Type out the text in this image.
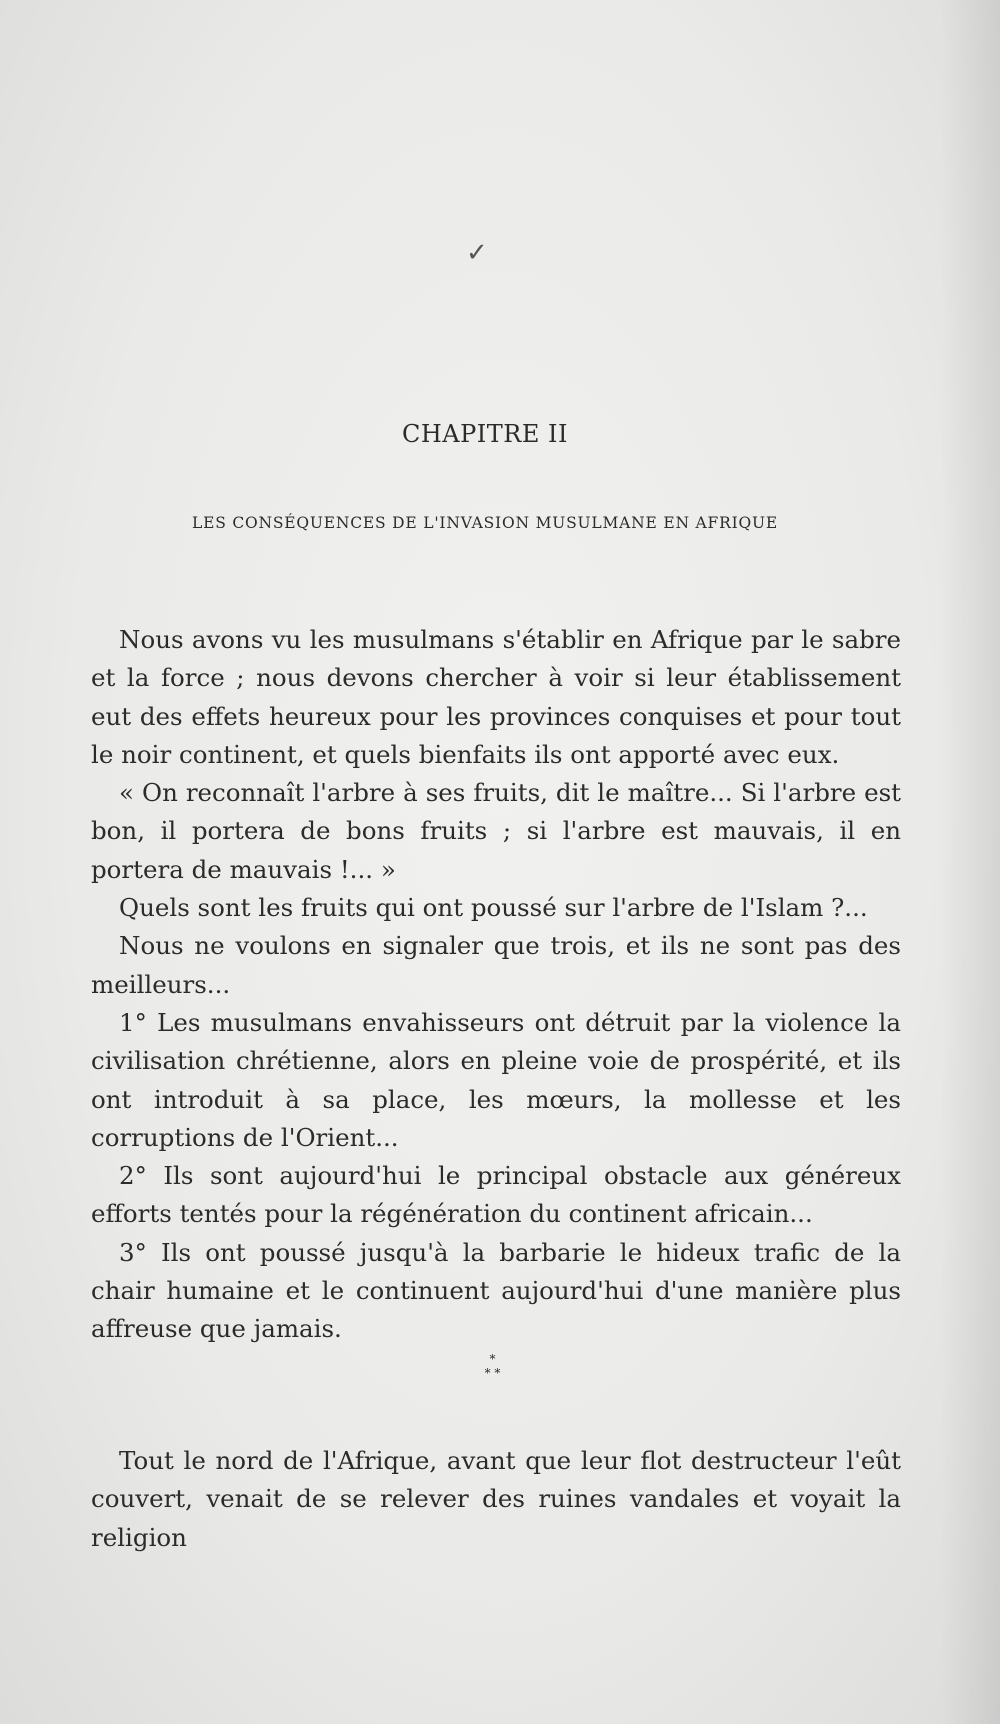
✓
CHAPITRE II
LES CONSÉQUENCES DE L'INVASION MUSULMANE EN AFRIQUE

Nous avons vu les musulmans s'établir en Afrique par le sabre et la force ; nous devons chercher à voir si leur établissement eut des effets heureux pour les provinces conquises et pour tout le noir continent, et quels bienfaits ils ont apporté avec eux.

« On reconnaît l'arbre à ses fruits, dit le maître... Si l'arbre est bon, il portera de bons fruits ; si l'arbre est mauvais, il en portera de mauvais !... »

Quels sont les fruits qui ont poussé sur l'arbre de l'Islam ?...

Nous ne voulons en signaler que trois, et ils ne sont pas des meilleurs...

1° Les musulmans envahisseurs ont détruit par la violence la civilisation chrétienne, alors en pleine voie de prospérité, et ils ont introduit à sa place, les mœurs, la mollesse et les corruptions de l'Orient...

2° Ils sont aujourd'hui le principal obstacle aux généreux efforts tentés pour la régénération du continent africain...

3° Ils ont poussé jusqu'à la barbarie le hideux trafic de la chair humaine et le continuent aujourd'hui d'une manière plus affreuse que jamais.

*
* *

Tout le nord de l'Afrique, avant que leur flot destructeur l'eût couvert, venait de se relever des ruines vandales et voyait la religion
